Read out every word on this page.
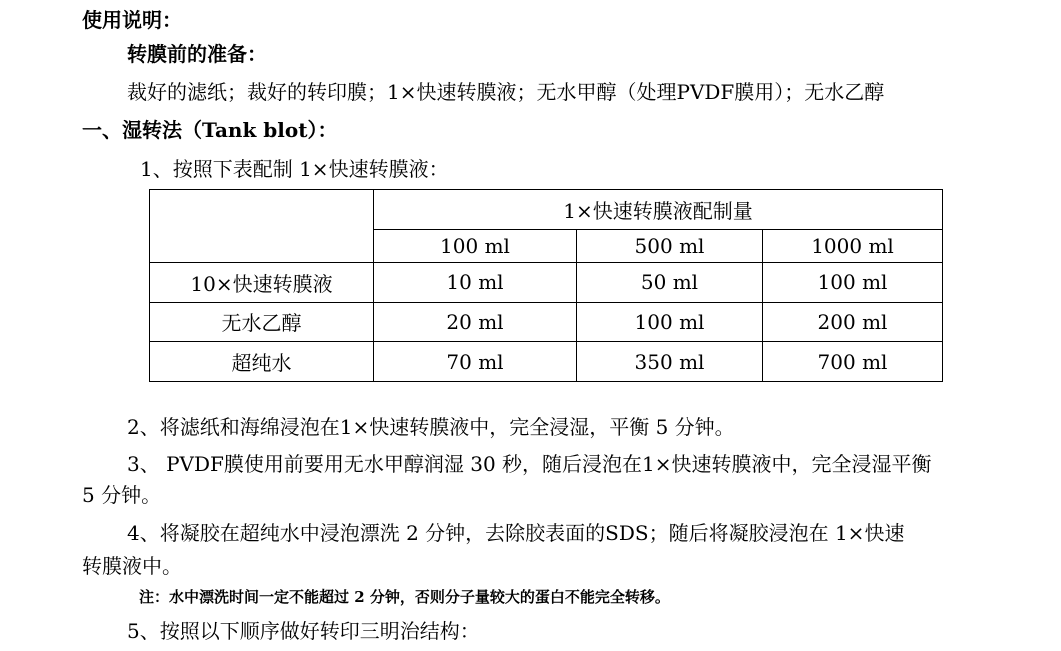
使用说明：
转膜前的准备：
裁好的滤纸；裁好的转印膜；1×快速转膜液；无水甲醇（处理PVDF膜用）；无水乙醇
一、湿转法（Tank blot）：
1、按照下表配制 1×快速转膜液：
	1×快速转膜液配制量		
	100 ml	500 ml	1000 ml
10×快速转膜液	10 ml	50 ml	100 ml
无水乙醇	20 ml	100 ml	200 ml
超纯水	70 ml	350 ml	700 ml
2、将滤纸和海绵浸泡在1×快速转膜液中，完全浸湿，平衡 5 分钟。
3、 PVDF膜使用前要用无水甲醇润湿 30 秒，随后浸泡在1×快速转膜液中，完全浸湿平衡
5 分钟。
4、将凝胶在超纯水中浸泡漂洗 2 分钟，去除胶表面的SDS；随后将凝胶浸泡在 1×快速
转膜液中。
注：水中漂洗时间一定不能超过 2 分钟，否则分子量较大的蛋白不能完全转移。
5、按照以下顺序做好转印三明治结构：
